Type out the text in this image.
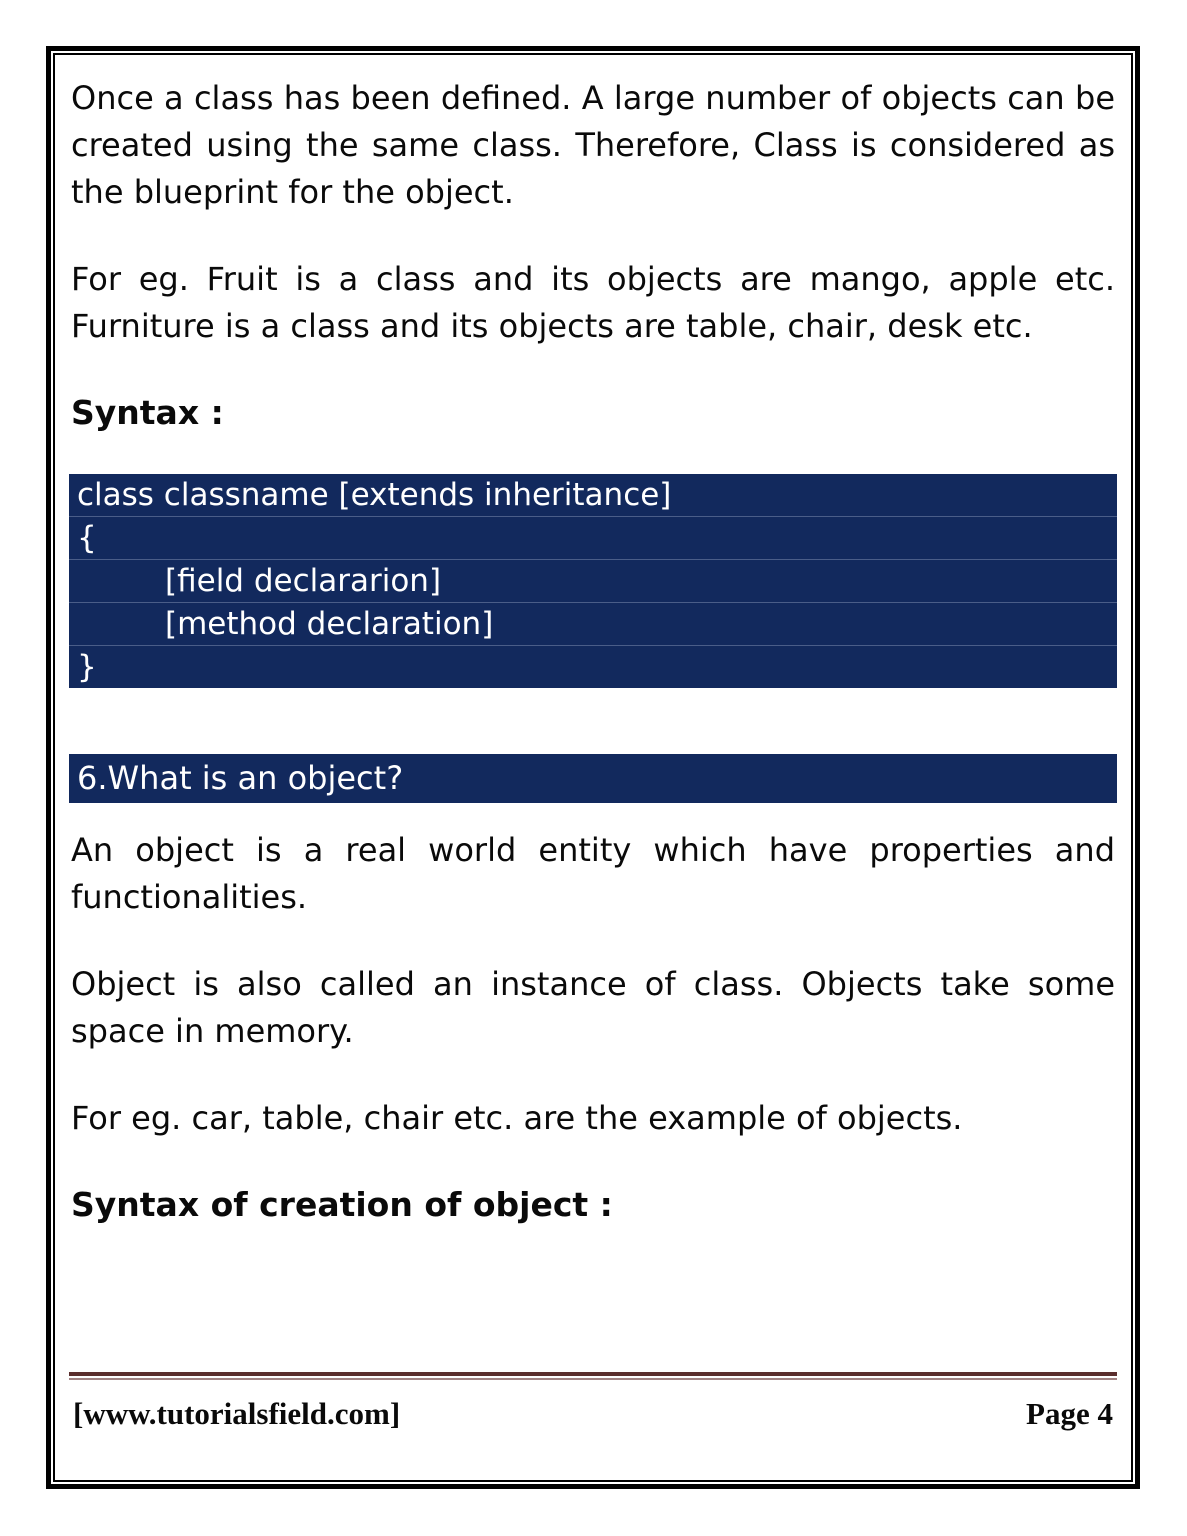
Once a class has been defined. A large number of objects can be created using the same class. Therefore, Class is considered as the blueprint for the object.

For eg. Fruit is a class and its objects are mango, apple etc. Furniture is a class and its objects are table, chair, desk etc.

Syntax :
class classname [extends inheritance]
{
[field declararion]
[method declaration]
}
6.What is an object?

An object is a real world entity which have properties and functionalities.

Object is also called an instance of class. Objects take some space in memory.

For eg. car, table, chair etc. are the example of objects.

Syntax of creation of object :
[www.tutorialsfield.com]	Page 4
